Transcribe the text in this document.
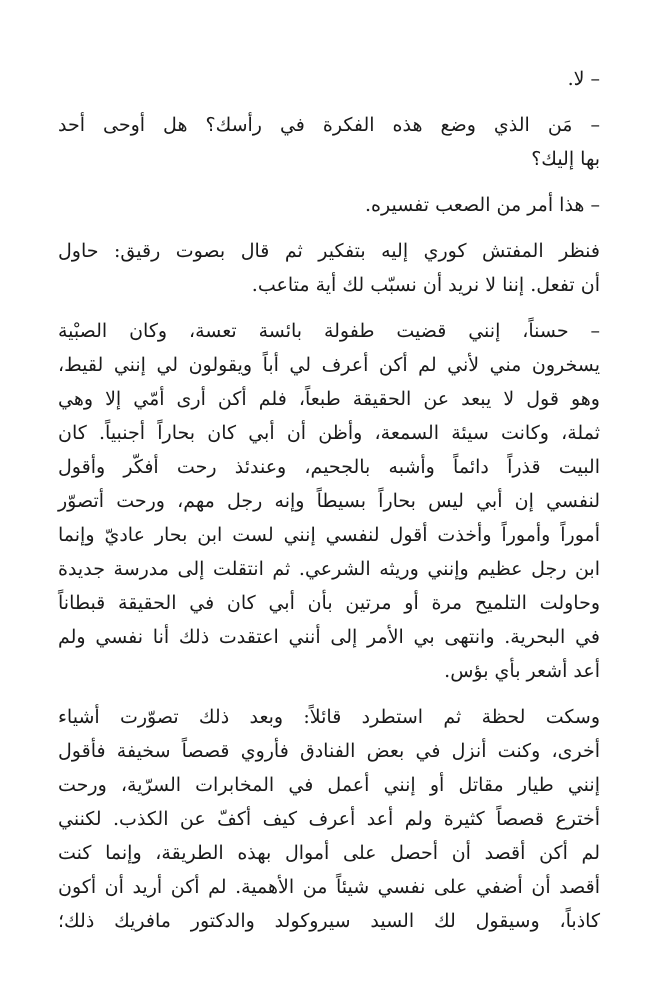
– لا.

– مَن الذي وضع هذه الفكرة في رأسك؟ هل أوحى أحد
بها إليك؟

– هذا أمر من الصعب تفسيره.

فنظر المفتش كوري إليه بتفكير ثم قال بصوت رقيق: حاول
أن تفعل. إننا لا نريد أن نسبّب لك أية متاعب.

– حسناً، إنني قضيت طفولة بائسة تعسة، وكان الصبْية
يسخرون مني لأني لم أكن أعرف لي أباً ويقولون لي إنني لقيط،
وهو قول لا يبعد عن الحقيقة طبعاً، فلم أكن أرى أمّي إلا وهي
ثملة، وكانت سيئة السمعة، وأظن أن أبي كان بحاراً أجنبياً. كان
البيت قذراً دائماً وأشبه بالجحيم، وعندئذ رحت أفكّر وأقول
لنفسي إن أبي ليس بحاراً بسيطاً وإنه رجل مهم، ورحت أتصوّر
أموراً وأموراً وأخذت أقول لنفسي إنني لست ابن بحار عاديّ وإنما
ابن رجل عظيم وإنني وريثه الشرعي. ثم انتقلت إلى مدرسة جديدة
وحاولت التلميح مرة أو مرتين بأن أبي كان في الحقيقة قبطاناً
في البحرية. وانتهى بي الأمر إلى أنني اعتقدت ذلك أنا نفسي ولم
أعد أشعر بأي بؤس.

وسكت لحظة ثم استطرد قائلاً: وبعد ذلك تصوّرت أشياء
أخرى، وكنت أنزل في بعض الفنادق فأروي قصصاً سخيفة فأقول
إنني طيار مقاتل أو إنني أعمل في المخابرات السرّية، ورحت
أخترع قصصاً كثيرة ولم أعد أعرف كيف أكفّ عن الكذب. لكنني
لم أكن أقصد أن أحصل على أموال بهذه الطريقة، وإنما كنت
أقصد أن أضفي على نفسي شيئاً من الأهمية. لم أكن أريد أن أكون
كاذباً، وسيقول لك السيد سيروكولد والدكتور مافريك ذلك؛
